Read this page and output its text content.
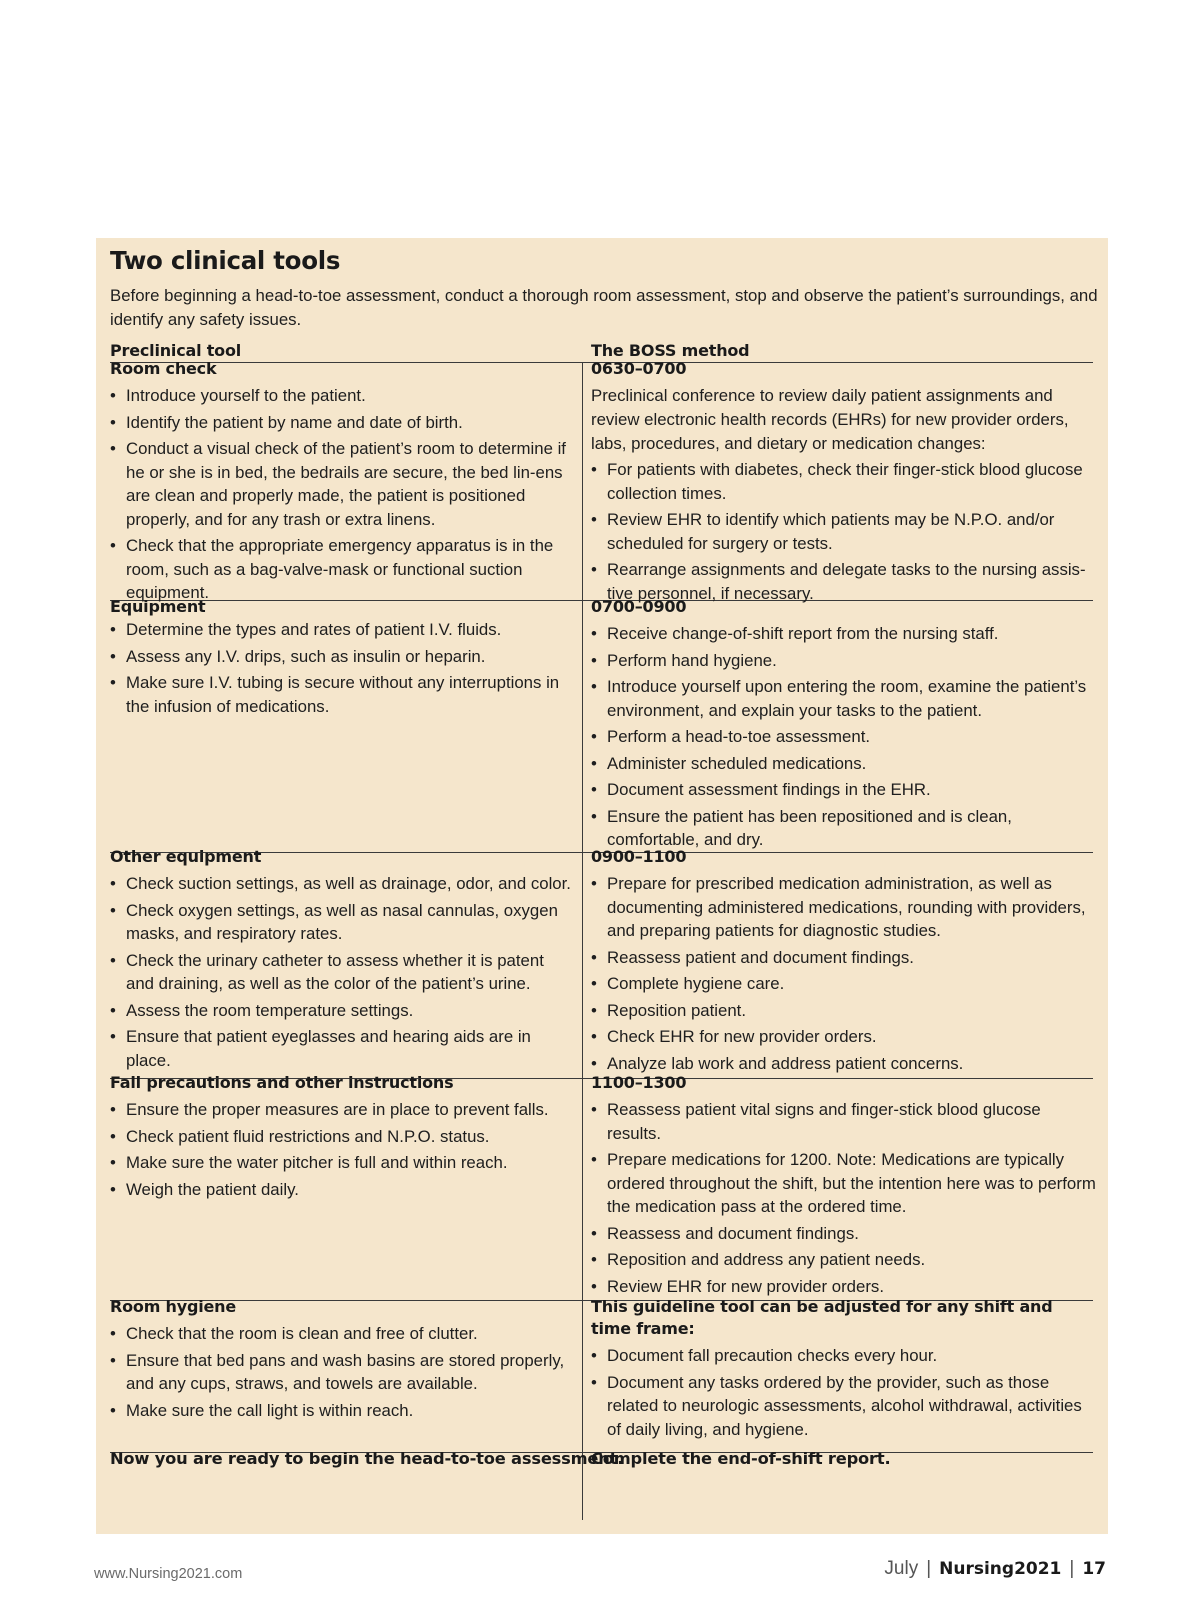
Two clinical tools

Before beginning a head-to-toe assessment, conduct a thorough room assessment, stop and observe the patient’s surroundings, and identify any safety issues.

Preclinical tool	The BOSS method
Room check
• Introduce yourself to the patient.
• Identify the patient by name and date of birth.
• Conduct a visual check of the patient’s room to determine if he or she is in bed, the bedrails are secure, the bed lin-ens are clean and properly made, the patient is positioned properly, and for any trash or extra linens.
• Check that the appropriate emergency apparatus is in the room, such as a bag-valve-mask or functional suction equipment.
0630–0700

Preclinical conference to review daily patient assignments and review electronic health records (EHRs) for new provider orders, labs, procedures, and dietary or medication changes:

• For patients with diabetes, check their finger-stick blood glucose collection times.
• Review EHR to identify which patients may be N.P.O. and/or scheduled for surgery or tests.
• Rearrange assignments and delegate tasks to the nursing assis-tive personnel, if necessary.
Equipment
• Determine the types and rates of patient I.V. fluids.
• Assess any I.V. drips, such as insulin or heparin.
• Make sure I.V. tubing is secure without any interruptions in the infusion of medications.
0700–0900
• Receive change-of-shift report from the nursing staff.
• Perform hand hygiene.
• Introduce yourself upon entering the room, examine the patient’s environment, and explain your tasks to the patient.
• Perform a head-to-toe assessment.
• Administer scheduled medications.
• Document assessment findings in the EHR.
• Ensure the patient has been repositioned and is clean, comfortable, and dry.
Other equipment
• Check suction settings, as well as drainage, odor, and color.
• Check oxygen settings, as well as nasal cannulas, oxygen masks, and respiratory rates.
• Check the urinary catheter to assess whether it is patent and draining, as well as the color of the patient’s urine.
• Assess the room temperature settings.
• Ensure that patient eyeglasses and hearing aids are in place.
0900–1100
• Prepare for prescribed medication administration, as well as documenting administered medications, rounding with providers, and preparing patients for diagnostic studies.
• Reassess patient and document findings.
• Complete hygiene care.
• Reposition patient.
• Check EHR for new provider orders.
• Analyze lab work and address patient concerns.
Fall precautions and other instructions
• Ensure the proper measures are in place to prevent falls.
• Check patient fluid restrictions and N.P.O. status.
• Make sure the water pitcher is full and within reach.
• Weigh the patient daily.
1100–1300
• Reassess patient vital signs and finger-stick blood glucose results.
• Prepare medications for 1200. Note: Medications are typically ordered throughout the shift, but the intention here was to perform the medication pass at the ordered time.
• Reassess and document findings.
• Reposition and address any patient needs.
• Review EHR for new provider orders.
Room hygiene
• Check that the room is clean and free of clutter.
• Ensure that bed pans and wash basins are stored properly, and any cups, straws, and towels are available.
• Make sure the call light is within reach.
This guideline tool can be adjusted for any shift and time frame:
• Document fall precaution checks every hour.
• Document any tasks ordered by the provider, such as those related to neurologic assessments, alcohol withdrawal, activities of daily living, and hygiene.
Now you are ready to begin the head-to-toe assessment.
Complete the end-of-shift report.
www.Nursing2021.com	July | Nursing2021 | 17
